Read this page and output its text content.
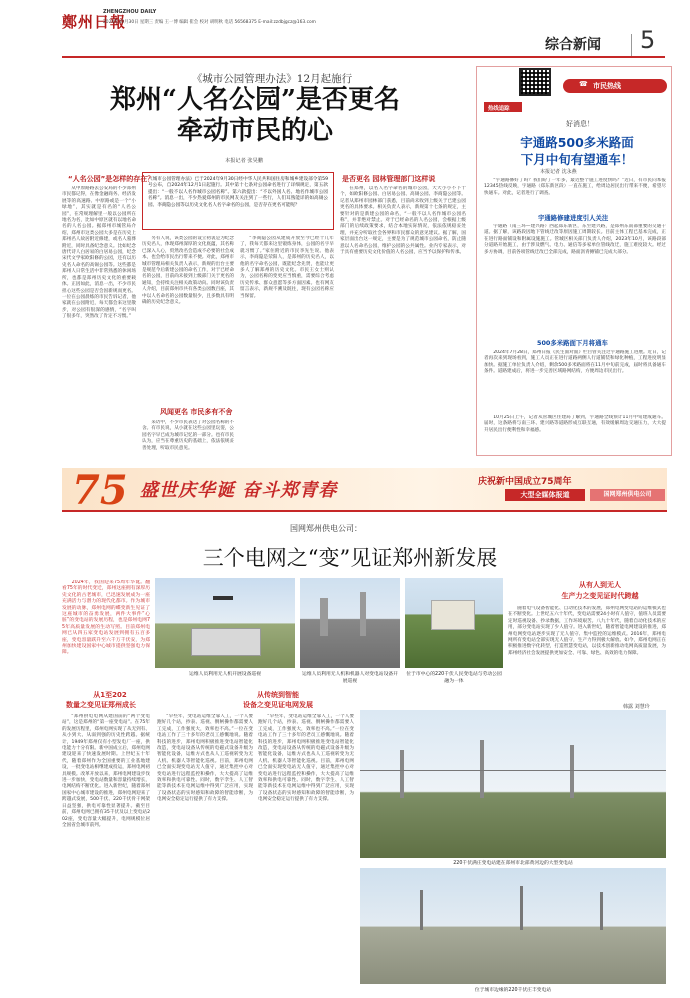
鄭州日報
ZHENGZHOU DAILY
2024年10月30日 星期三 责编 王一博 编辑 崔会 校对 胡明秋 电话 56568375 E-mail:zzdbjgcz@163.com
综合新闻 5
《城市公园管理办法》12月起施行
郑州“人名公园”是否更名
牵动市民的心
本报记者 张昊鹏
《城市公园管理办法》已于2024年9月30日经中华人民共和国住房和城乡建设部令第59号公布，自2024年12月1日起施行。其中第十七条对公园命名进行了详细规定，第五款提出：“一般不以人名作城市公园名称”。第六款提出：“不以外国人名、地名作城市公园名称”。消息一出，不少热爱郑州的市民网友关注到了一些行，人们耳熟能详的如高锡公园、李商隐公园等以历史文化名人名字命名的公园，是否存在更名可能呢？
“人名公园”是怎样的存在？

从中原路路去公安局的不少郑州市民都记得，在像金融商务、经济发展等的高速路、中原路或是一个“小绿地”，其实就是有名的“人名公园”，在常规理解里一般以公园所在地名为名，比如中原区就有以地名命名的人名公园。据郑州市城管局介绍，郑州市这类公园大多是在历史上郑州名人故居附近修建，或名人墓葬附近，同时具备纪念意义。比如纪念唐代诗人白居易的白居易公园，纪念宋代文学家欧阳修的公园，还有以历史名人命名的高锡公园等。这些都是郑州人日常生活中非常熟悉的休闲场所，也都是郑州历史文化的重要载体。正因如此，消息一出，不少市民担心这些公园是否会因新规而更名。一位在公园晨练的市民告诉记者，他家就在公园附近，每天都会来这里散步，对公园有很深的感情，“名字叫了很多年，突然改了肯定不习惯。”

另有人说，该类公园的设立初衷是为纪念历史名人，体现郑州深厚的文化底蕴，其名称已深入人心，贸然改名会造成不必要的社会成本，也会给市民出行带来不便。对此，郑州市城市管理局相关负责人表示，新规的出台主要是规范今后新建公园的命名工作，对于已经命名的公园，目前尚未接到上级部门关于更名的通知，会持续关注相关政策动向。同时该负责人介绍，目前郑州市共有各类公园数百座，其中以人名命名的公园数量很少，且多数具有明确的历史纪念意义。

风闻更名 市民多有不舍

采访中，不少市民表达了对公园名称的不舍。有市民说，从小就在这些公园里玩耍，公园名字早已成为城市记忆的一部分。也有市民认为，应当在尊重历史的基础上，依法依规妥善处理，听取市民意见。

“李商隐公园从建成开放至今已经十几年了，我每天都来这里锻炼身体，公园的名字早就习惯了。”家住附近的市民李先生说。他表示，李商隐是荥阳人，是郑州的历史名人，以他的名字命名公园，既能纪念先贤，也能让更多人了解郑州的历史文化。市民王女士则认为，公园名称的变更应当慎重，需要综合考虑历史传承、群众意愿等多方面因素。也有网友留言表示，新规不溯及既往，现有公园名称应当保留。

是否更名 园林管理部门这样说

在郑州，以名人名字命名的城市公园，大大小小不下十个，如欧阳修公园、白居易公园、高锡公园、李商隐公园等。记者从郑州市园林部门获悉，目前尚未收到上级关于已建公园更名的具体要求。相关负责人表示，新规第十七条的规定，主要针对的是新建公园的命名，“一般不以人名作城市公园名称”，并非绝对禁止。对于已经命名的人名公园，会根据上级部门的后续政策要求，结合本地实际情况，依法依规稳妥处理，并充分听取社会各界和市民群众的意见建议。据了解，国家层面出台这一规定，主要是为了规范城市公园命名，防止随意以人名命名公园，维护公园的公共属性。业内专家表示，对于具有重要历史文化价值的人名公园，应当予以保护和传承。

☎ 市民热线
热线追踪
好消息！
宇通路500多米路面
下月中旬有望通车！
本报记者 沈永燕

“宇通路修好了吗？我们盼了一年多，最近整个施工进度快吗？”近日，有市民向本报12345热线反映，宇通路（郑东新区段）一直在施工，给周边居民出行带来不便，希望尽快通车。对此，记者进行了调查。

宇通路修建进度引人关注

宇通路（南三环—建兴路）西起郑东新区，东至建兴路，是郑州东南部重要的交通干道。据了解，该路段因地下管线迁改等原因施工周期较长。目前主体工程已基本完成，正在进行路面铺设和附属设施施工。管城区相关部门负责人介绍，2023年10月，该路段部分道路开始施工，由于涉及燃气、电力、通信等多家单位管线改迁，施工难度较大。经过多方协调，目前各项管线迁改已全部完成，路面沥青摊铺已完成大部分。

500多米路面下月将通车

2024年7月28日，郑州日报《民生面对面》栏目曾关注过宇通路施工进展。近日，记者再次来到现场看到，施工人员正在进行道路两侧人行道铺装和绿化种植，工程进度明显加快。据施工单位负责人介绍，剩余500多米路面将在11月中旬前完成，届时将具备通车条件。道路建成后，将进一步完善区域路网结构，方便周边市民出行。

10月25日上午，记者从管城区住建局了解到，宇通路全线预计11月中旬建成通车。届时，这条路将与南三环、建兴路等道路形成互联互通，有效缓解周边交通压力，大大提升居民出行便利性和幸福感。

75 盛世庆华诞 奋斗郑青春	庆祝新中国成立75周年
大型全媒体报道	国网郑州供电公司
国网郑州供电公司：
三个电网之“变”见证郑州新发展

2024年，我国迎来75周年华诞。翻看75年的时代变迁，郑州这座拥有深厚历史文化的古老城市，已迅速发展成为一座充满活力与潜力的现代化都市。作为城市发展的动脉，郑州电网的蝶变新生见证了这座城市的奋勇发展，两件大事件“心脏”的变电站的发展历程，也是郑州电网75年高质量发展的生动写照。目前郑州电网已从四五家变电站发展到拥有五百多座，变电容量跃升至六千万千伏安，为郑州加快建设国家中心城市提供坚强电力保障。

运维人员利用无人机开展设备巡视	运维人员利用无人机和机器人对变电站设备开展巡视
位于市中心的220千伏人民变电站与劳动公园融为一体
从1至202
数量之变见证郑州成长

“郑州供电电网从建国前的“两个变电站”，这是郑州的“第一座变电站”。在75年的发展历程里，郑州电网实现了从无到有、从小到大、从弱到强的历史性跨越。据统计，1949年郑州仅有小型发电厂一座，供电能力十分有限。新中国成立后，郑州电网建设迎来了快速发展时期。上世纪五十年代，随着郑州作为全国重要的工业基地建设，一批变电站相继建成投运，郑州电网初具规模。改革开放以来，郑州电网建设步伐进一步加快，变电站数量和容量持续增长，电网结构不断优化。进入新世纪，随着郑州国家中心城市建设的推进，郑州电网迎来了跨越式发展，500千伏、220千伏骨干网架日益坚强，供电可靠性显著提升。截至目前，郑州电网已拥有35千伏及以上变电站202座，变电容量大幅提升，电网规模位居全国省会城市前列。

从传统到智能
设备之变见证电网发展

“早些年，变电站运维全靠人工，一个人要跑好几个站，抄表、巡视、倒闸操作都需要人工完成，工作强度大，效率也不高。”一位在变电站工作了三十多年的老员工感慨地说。随着科技的进步，郑州电网积极推进变电站智能化改造，变电站设备从传统的电磁式设备升级为智能化设备，运维方式也从人工巡视转变为无人机、机器人等智能化巡视。目前，郑州电网已全面实现变电站无人值守，通过集控中心对变电站进行远程监控和操作，大大提高了运维效率和供电可靠性。同时，数字孪生、人工智能等新技术在电网运维中得到广泛应用，实现了设备状态的实时感知和故障的智能诊断，为电网安全稳定运行提供了有力支撑。

“早些年，变电站运维全靠人工，一个人要跑好几个站，抄表、巡视、倒闸操作都需要人工完成，工作强度大，效率也不高。”一位在变电站工作了三十多年的老员工感慨地说。随着科技的进步，郑州电网积极推进变电站智能化改造，变电站设备从传统的电磁式设备升级为智能化设备，运维方式也从人工巡视转变为无人机、机器人等智能化巡视。目前，郑州电网已全面实现变电站无人值守，通过集控中心对变电站进行远程监控和操作，大大提高了运维效率和供电可靠性。同时，数字孪生、人工智能等新技术在电网运维中得到广泛应用，实现了设备状态的实时感知和故障的智能诊断，为电网安全稳定运行提供了有力支撑。

从有人到无人
生产力之变见证时代跨越

随着电气设备智能化、自动化技术的发展，郑州电网变电站的运维模式也在不断变化。上世纪五六十年代，变电站需要24小时有人值守，值班人员需要定时巡视设备、抄录数据，工作环境艰苦。八九十年代，随着自动化技术的应用，部分变电站实现了少人值守。进入新世纪，随着智能电网建设的推进，郑州电网变电站逐步实现了无人值守、集中监控的运维模式。2016年，郑州电网所有变电站全部实现无人值守，生产力得到极大解放。如今，郑州电网正在积极推进数字化转型，打造智慧变电站，以技术创新推动电网高质量发展，为郑州经济社会发展提供更加安全、可靠、绿色、高效的电力保障。

韩露 刘慧玲
220千伏满庄变电站建在郑州市北部黄河边的大型变电站
位于城市边缘的220千伏庄丰变电站
